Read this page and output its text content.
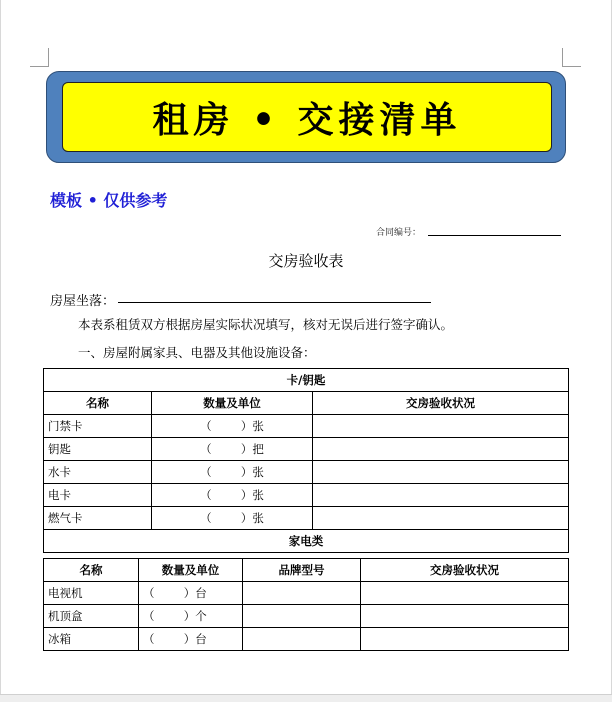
租房 • 交接清单
模板 • 仅供参考
合同编号：
交房验收表
房屋坐落：
本表系租赁双方根据房屋实际状况填写，核对无误后进行签字确认。
一、房屋附属家具、电器及其他设施设备：
卡/钥匙		
名称	数量及单位	交房验收状况
门禁卡	（        ）张	
钥匙	（        ）把	
水卡	（        ）张	
电卡	（        ）张	
燃气卡	（        ）张	
家电类		
名称	数量及单位	品牌型号	交房验收状况
电视机	（        ）台		
机顶盒	（        ）个		
冰箱	（        ）台		
